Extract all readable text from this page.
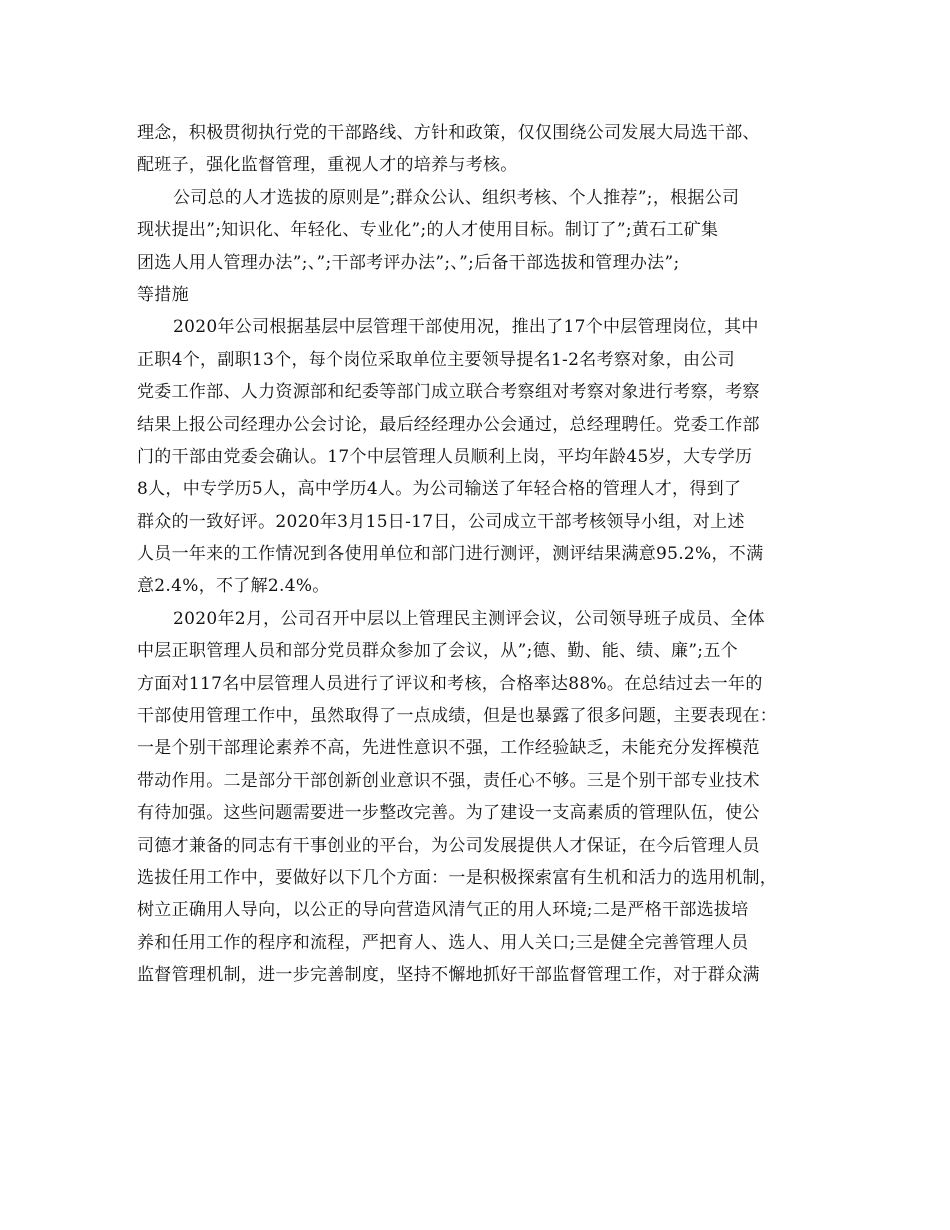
理念，积极贯彻执行党的干部路线、方针和政策，仅仅围绕公司发展大局选干部、
配班子，强化监督管理，重视人才的培养与考核。
公司总的人才选拔的原则是”;群众公认、组织考核、个人推荐”;，根据公司
现状提出”;知识化、年轻化、专业化”;的人才使用目标。制订了”;黄石工矿集
团选人用人管理办法”;、”;干部考评办法”;、”;后备干部选拔和管理办法”;
等措施
2020年公司根据基层中层管理干部使用况，推出了17个中层管理岗位，其中
正职4个，副职13个，每个岗位采取单位主要领导提名1-2名考察对象，由公司
党委工作部、人力资源部和纪委等部门成立联合考察组对考察对象进行考察，考察
结果上报公司经理办公会讨论，最后经经理办公会通过，总经理聘任。党委工作部
门的干部由党委会确认。17个中层管理人员顺利上岗，平均年龄45岁，大专学历
8人，中专学历5人，高中学历4人。为公司输送了年轻合格的管理人才，得到了
群众的一致好评。2020年3月15日-17日，公司成立干部考核领导小组，对上述
人员一年来的工作情况到各使用单位和部门进行测评，测评结果满意95.2%，不满
意2.4%，不了解2.4%。
2020年2月，公司召开中层以上管理民主测评会议，公司领导班子成员、全体
中层正职管理人员和部分党员群众参加了会议，从”;德、勤、能、绩、廉”;五个
方面对117名中层管理人员进行了评议和考核，合格率达88%。在总结过去一年的
干部使用管理工作中，虽然取得了一点成绩，但是也暴露了很多问题，主要表现在：
一是个别干部理论素养不高，先进性意识不强，工作经验缺乏，未能充分发挥模范
带动作用。二是部分干部创新创业意识不强，责任心不够。三是个别干部专业技术
有待加强。这些问题需要进一步整改完善。为了建设一支高素质的管理队伍，使公
司德才兼备的同志有干事创业的平台，为公司发展提供人才保证，在今后管理人员
选拔任用工作中，要做好以下几个方面：一是积极探索富有生机和活力的选用机制，
树立正确用人导向，以公正的导向营造风清气正的用人环境;二是严格干部选拔培
养和任用工作的程序和流程，严把育人、选人、用人关口;三是健全完善管理人员
监督管理机制，进一步完善制度，坚持不懈地抓好干部监督管理工作，对于群众满
